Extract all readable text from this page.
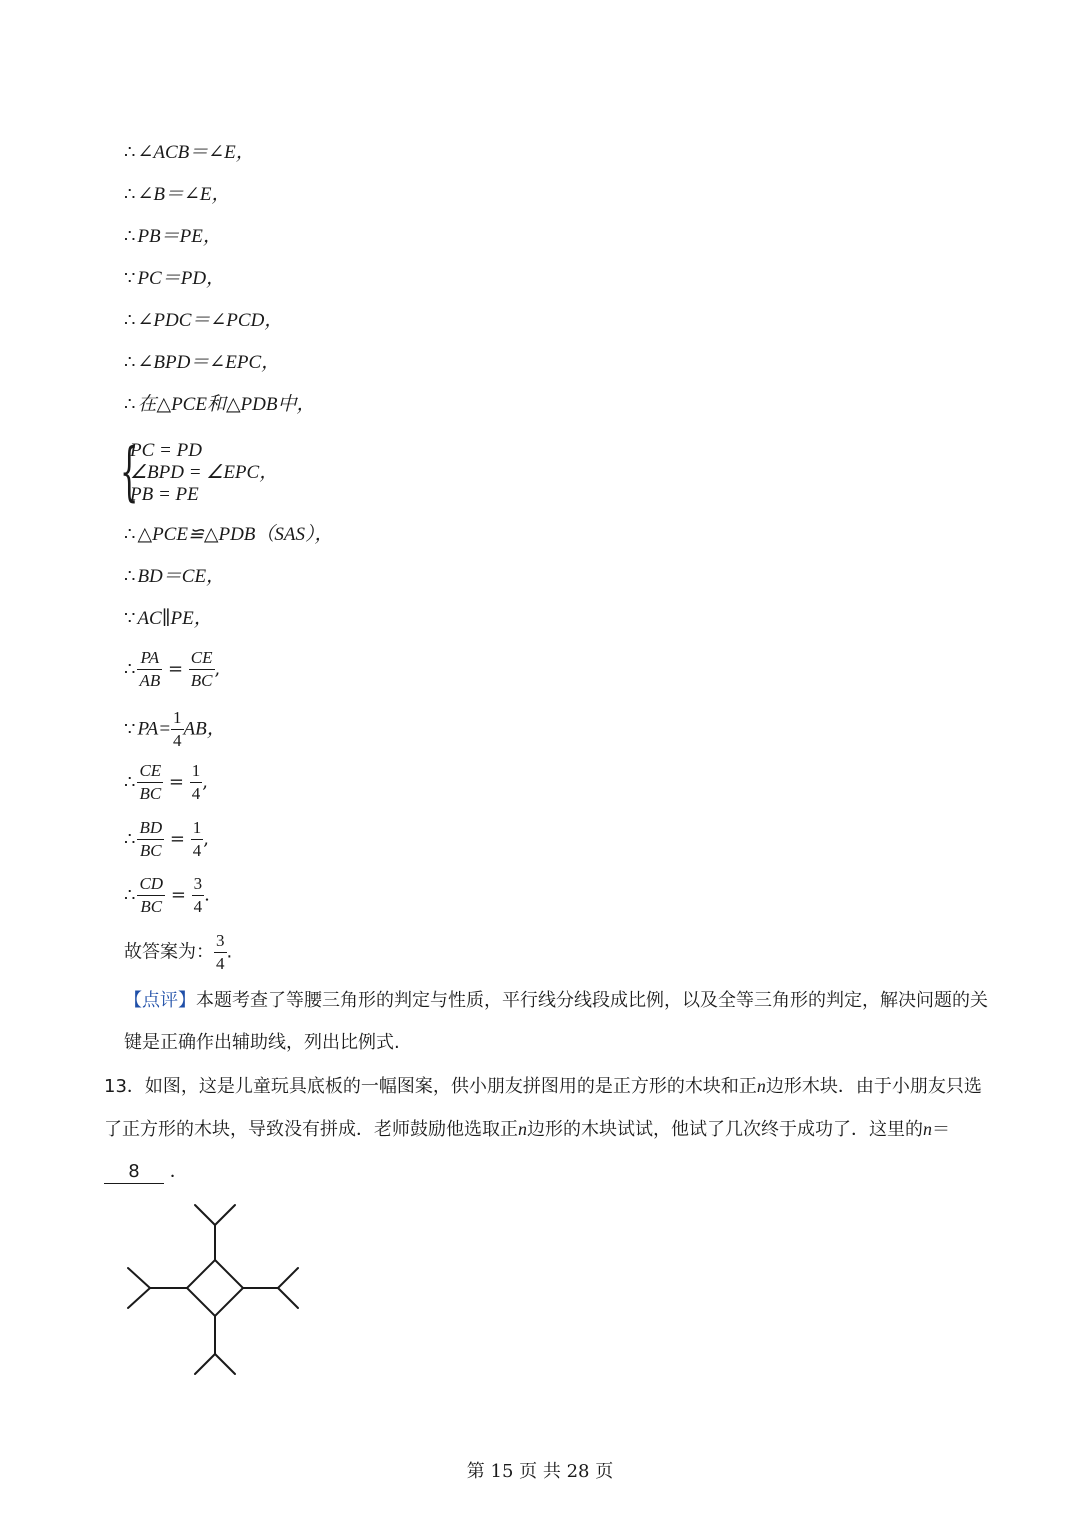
∴ ∠ACB＝∠E，
∴ ∠B＝∠E，
∴ PB＝PE，
∵ PC＝PD，
∴ ∠PDC＝∠PCD，
∴ ∠BPD＝∠EPC，
∴ 在△PCE和△PDB中，
{
PC = PD
∠BPD = ∠EPC，
PB = PE
∴ △PCE≌△PDB（SAS），
∴ BD＝CE，
∵ AC∥PE，
∴ $\frac{PA}{AB} = \frac{CE}{BC}$ ,
∵ $PA= \frac{1}{4}$ AB，
∴ $\frac{CE}{BC} = \frac{1}{4}$ ,
∴ $\frac{BD}{BC} = \frac{1}{4}$ ,
∴ $\frac{CD}{BC} = \frac{3}{4}$ .
故答案为： $\frac{3}{4}$ .
【点评】本题考查了等腰三角形的判定与性质，平行线分线段成比例，以及全等三角形的判定，解决问题的关键是正确作出辅助线，列出比例式.
13．如图，这是儿童玩具底板的一幅图案，供小朋友拼图用的是正方形的木块和正n边形木块．由于小朋友只选了正方形的木块，导致没有拼成．老师鼓励他选取正n边形的木块试试，他试了几次终于成功了．这里的n＝8 ．
第 15 页 共 28 页
